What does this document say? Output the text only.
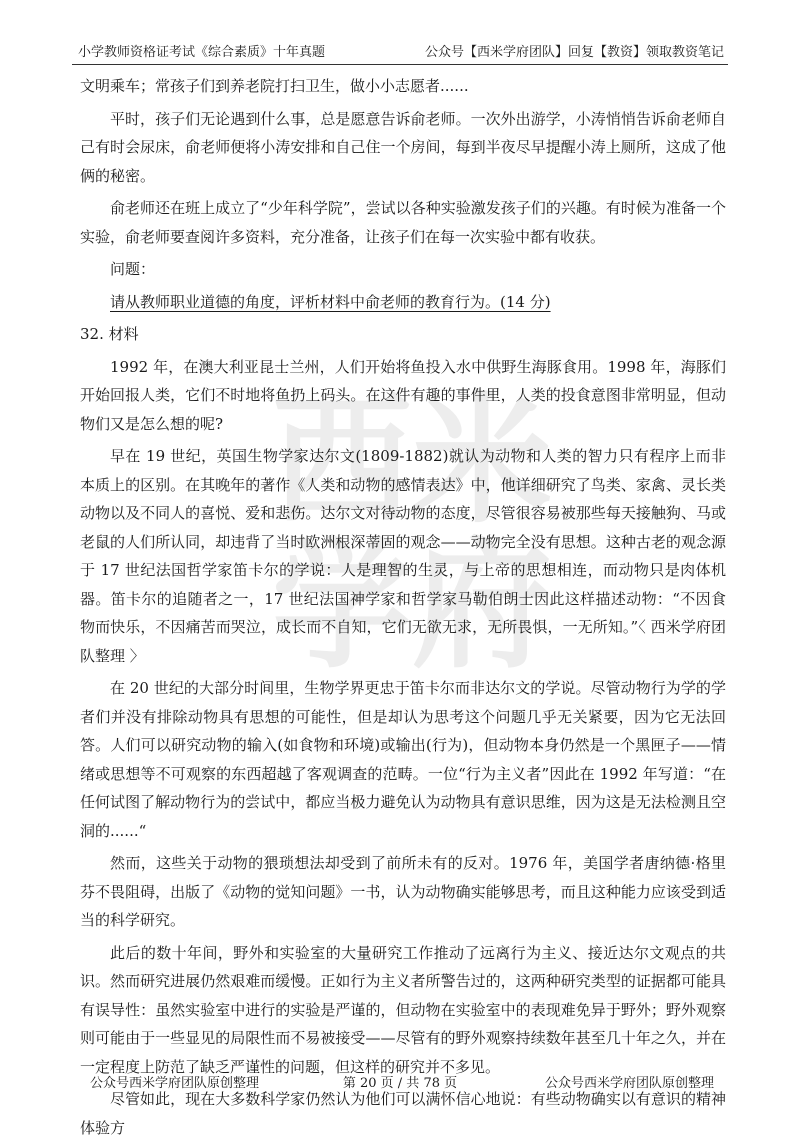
小学教师资格证考试《综合素质》十年真题	公众号【西米学府团队】回复【教资】领取教资笔记
西 米
学 府

文明乘车；常孩子们到养老院打扫卫生，做小小志愿者......

平时，孩子们无论遇到什么事，总是愿意告诉俞老师。一次外出游学，小涛悄悄告诉俞老师自己有时会尿床，俞老师便将小涛安排和自己住一个房间，每到半夜尽早提醒小涛上厕所，这成了他俩的秘密。

俞老师还在班上成立了“少年科学院”，尝试以各种实验激发孩子们的兴趣。有时候为准备一个实验，俞老师要查阅许多资料，充分准备，让孩子们在每一次实验中都有收获。

问题：

请从教师职业道德的角度，评析材料中俞老师的教育行为。(14 分)

32. 材料

1992 年，在澳大利亚昆士兰州，人们开始将鱼投入水中供野生海豚食用。1998 年，海豚们开始回报人类，它们不时地将鱼扔上码头。在这件有趣的事件里，人类的投食意图非常明显，但动物们又是怎么想的呢?

早在 19 世纪，英国生物学家达尔文(1809-1882)就认为动物和人类的智力只有程序上而非本质上的区别。在其晚年的著作《人类和动物的感情表达》中，他详细研究了鸟类、家禽、灵长类动物以及不同人的喜悦、爱和悲伤。达尔文对待动物的态度，尽管很容易被那些每天接触狗、马或老鼠的人们所认同，却违背了当时欧洲根深蒂固的观念——动物完全没有思想。这种古老的观念源于 17 世纪法国哲学家笛卡尔的学说：人是理智的生灵，与上帝的思想相连，而动物只是肉体机器。笛卡尔的追随者之一，17 世纪法国神学家和哲学家马勒伯朗士因此这样描述动物：“不因食物而快乐，不因痛苦而哭泣，成长而不自知，它们无欲无求，无所畏惧，一无所知。”〈 西米学府团队整理 〉

在 20 世纪的大部分时间里，生物学界更忠于笛卡尔而非达尔文的学说。尽管动物行为学的学者们并没有排除动物具有思想的可能性，但是却认为思考这个问题几乎无关紧要，因为它无法回答。人们可以研究动物的输入(如食物和环境)或输出(行为)，但动物本身仍然是一个黑匣子——情绪或思想等不可观察的东西超越了客观调查的范畴。一位“行为主义者”因此在 1992 年写道：“在任何试图了解动物行为的尝试中，都应当极力避免认为动物具有意识思维，因为这是无法检测且空洞的......“

然而，这些关于动物的猥琐想法却受到了前所未有的反对。1976 年，美国学者唐纳德·格里芬不畏阻碍，出版了《动物的觉知问题》一书，认为动物确实能够思考，而且这种能力应该受到适当的科学研究。

此后的数十年间，野外和实验室的大量研究工作推动了远离行为主义、接近达尔文观点的共识。然而研究进展仍然艰难而缓慢。正如行为主义者所警告过的，这两种研究类型的证据都可能具有误导性：虽然实验室中进行的实验是严谨的，但动物在实验室中的表现难免异于野外；野外观察则可能由于一些显见的局限性而不易被接受——尽管有的野外观察持续数年甚至几十年之久，并在一定程度上防范了缺乏严谨性的问题，但这样的研究并不多见。

尽管如此，现在大多数科学家仍然认为他们可以满怀信心地说：有些动物确实以有意识的精神体验方

公众号西米学府团队原创整理	第 20 页 / 共 78 页	公众号西米学府团队原创整理
